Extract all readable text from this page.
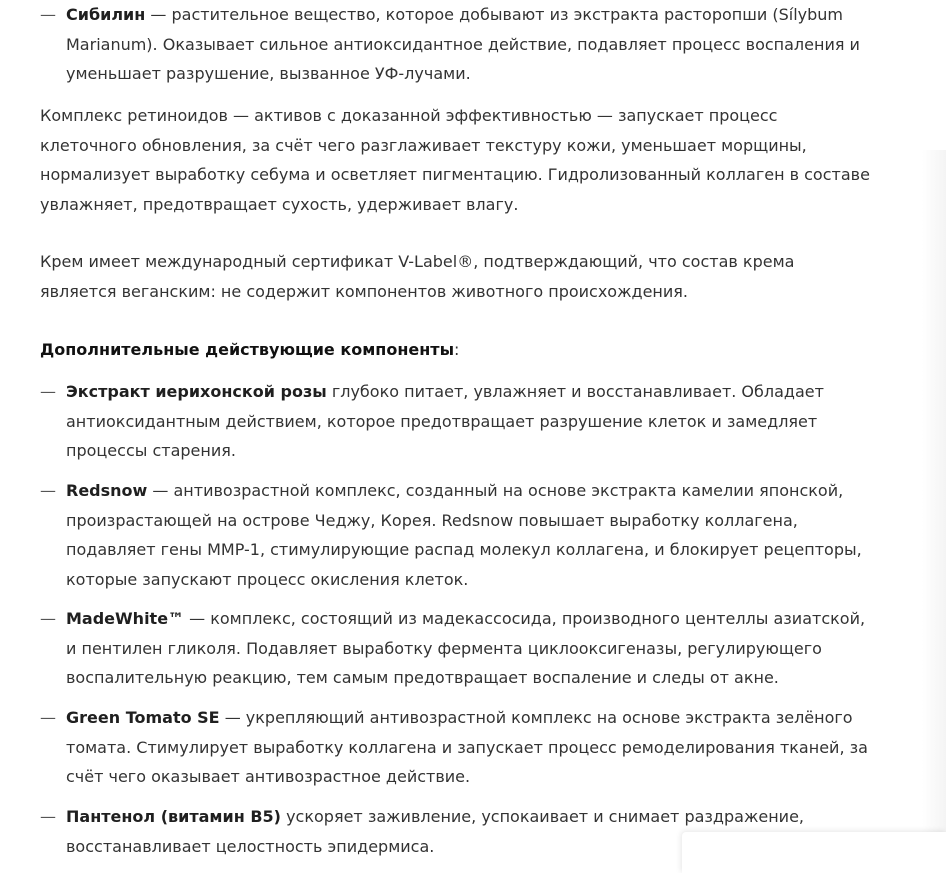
— Сибилин — растительное вещество, которое добывают из экстракта расторопши (Sílybum Marianum). Оказывает сильное антиоксидантное действие, подавляет процесс воспаления и уменьшает разрушение, вызванное УФ-лучами.

Комплекс ретиноидов — активов с доказанной эффективностью — запускает процесс клеточного обновления, за счёт чего разглаживает текстуру кожи, уменьшает морщины, нормализует выработку себума и осветляет пигментацию. Гидролизованный коллаген в составе увлажняет, предотвращает сухость, удерживает влагу.

Крем имеет международный сертификат V-Label®, подтверждающий, что состав крема является веганским: не содержит компонентов животного происхождения.

Дополнительные действующие компоненты:

— Экстракт иерихонской розы глубоко питает, увлажняет и восстанавливает. Обладает антиоксидантным действием, которое предотвращает разрушение клеток и замедляет процессы старения.
— Redsnow — антивозрастной комплекс, созданный на основе экстракта камелии японской, произрастающей на острове Чеджу, Корея. Redsnow повышает выработку коллагена, подавляет гены MMP-1, стимулирующие распад молекул коллагена, и блокирует рецепторы, которые запускают процесс окисления клеток.
— MadeWhite™ — комплекс, состоящий из мадекассосида, производного центеллы азиатской, и пентилен гликоля. Подавляет выработку фермента циклооксигеназы, регулирующего воспалительную реакцию, тем самым предотвращает воспаление и следы от акне.
— Green Tomato SE — укрепляющий антивозрастной комплекс на основе экстракта зелёного томата. Стимулирует выработку коллагена и запускает процесс ремоделирования тканей, за счёт чего оказывает антивозрастное действие.
— Пантенол (витамин B5) ускоряет заживление, успокаивает и снимает раздражение, восстанавливает целостность эпидермиса.
